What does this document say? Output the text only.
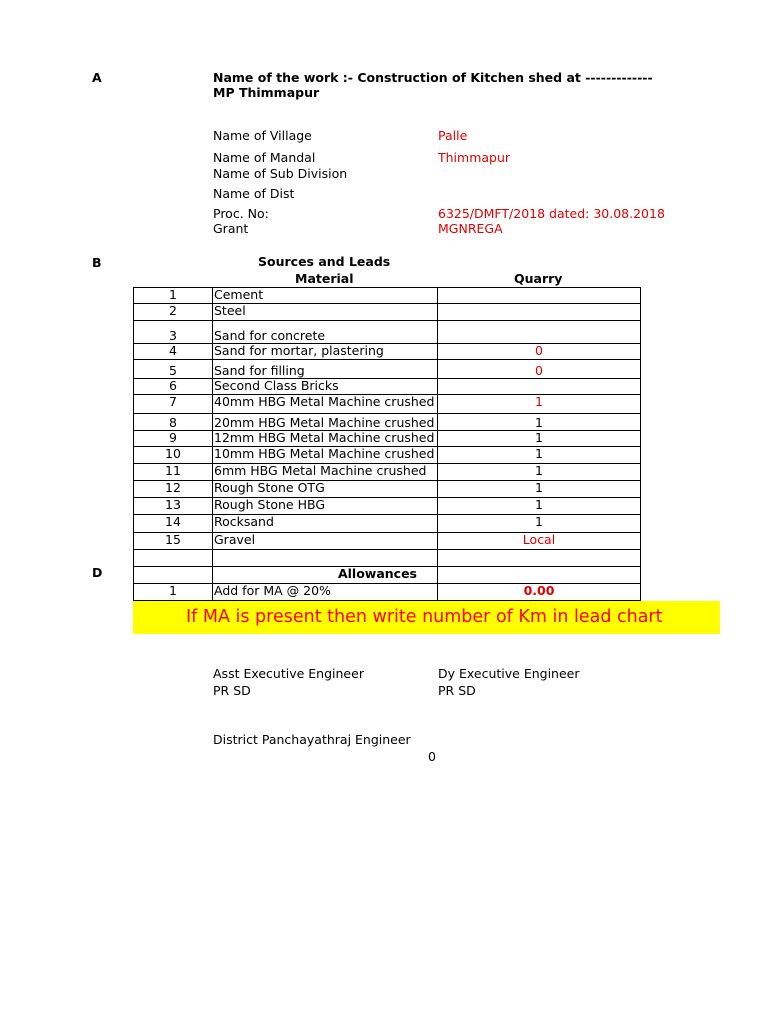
A	Name of the work :- Construction of Kitchen shed at -------------
MP Thimmapur
Name of Village	Palle
Name of Mandal	Thimmapur
Name of Sub Division
Name of Dist
Proc. No:	6325/DMFT/2018 dated: 30.08.2018
Grant	MGNREGA
B	Sources and Leads
Material	Quarry
1	Cement
2	Steel
3	Sand for concrete
4	Sand for mortar, plastering	0
5	Sand for filling	0
6	Second Class Bricks
7	40mm HBG Metal Machine crushed	1
8	20mm HBG Metal Machine crushed	1
9	12mm HBG Metal Machine crushed	1
10	10mm HBG Metal Machine crushed	1
11	6mm HBG Metal Machine crushed	1
12	Rough Stone OTG	1
13	Rough Stone HBG	1
14	Rocksand	1
15	Gravel	Local
Allowances
1	Add for MA @ 20%	0.00
D
If MA is present then write number of Km in lead chart
Asst Executive Engineer
PR SD
Dy Executive Engineer
PR SD
District Panchayathraj Engineer
0
